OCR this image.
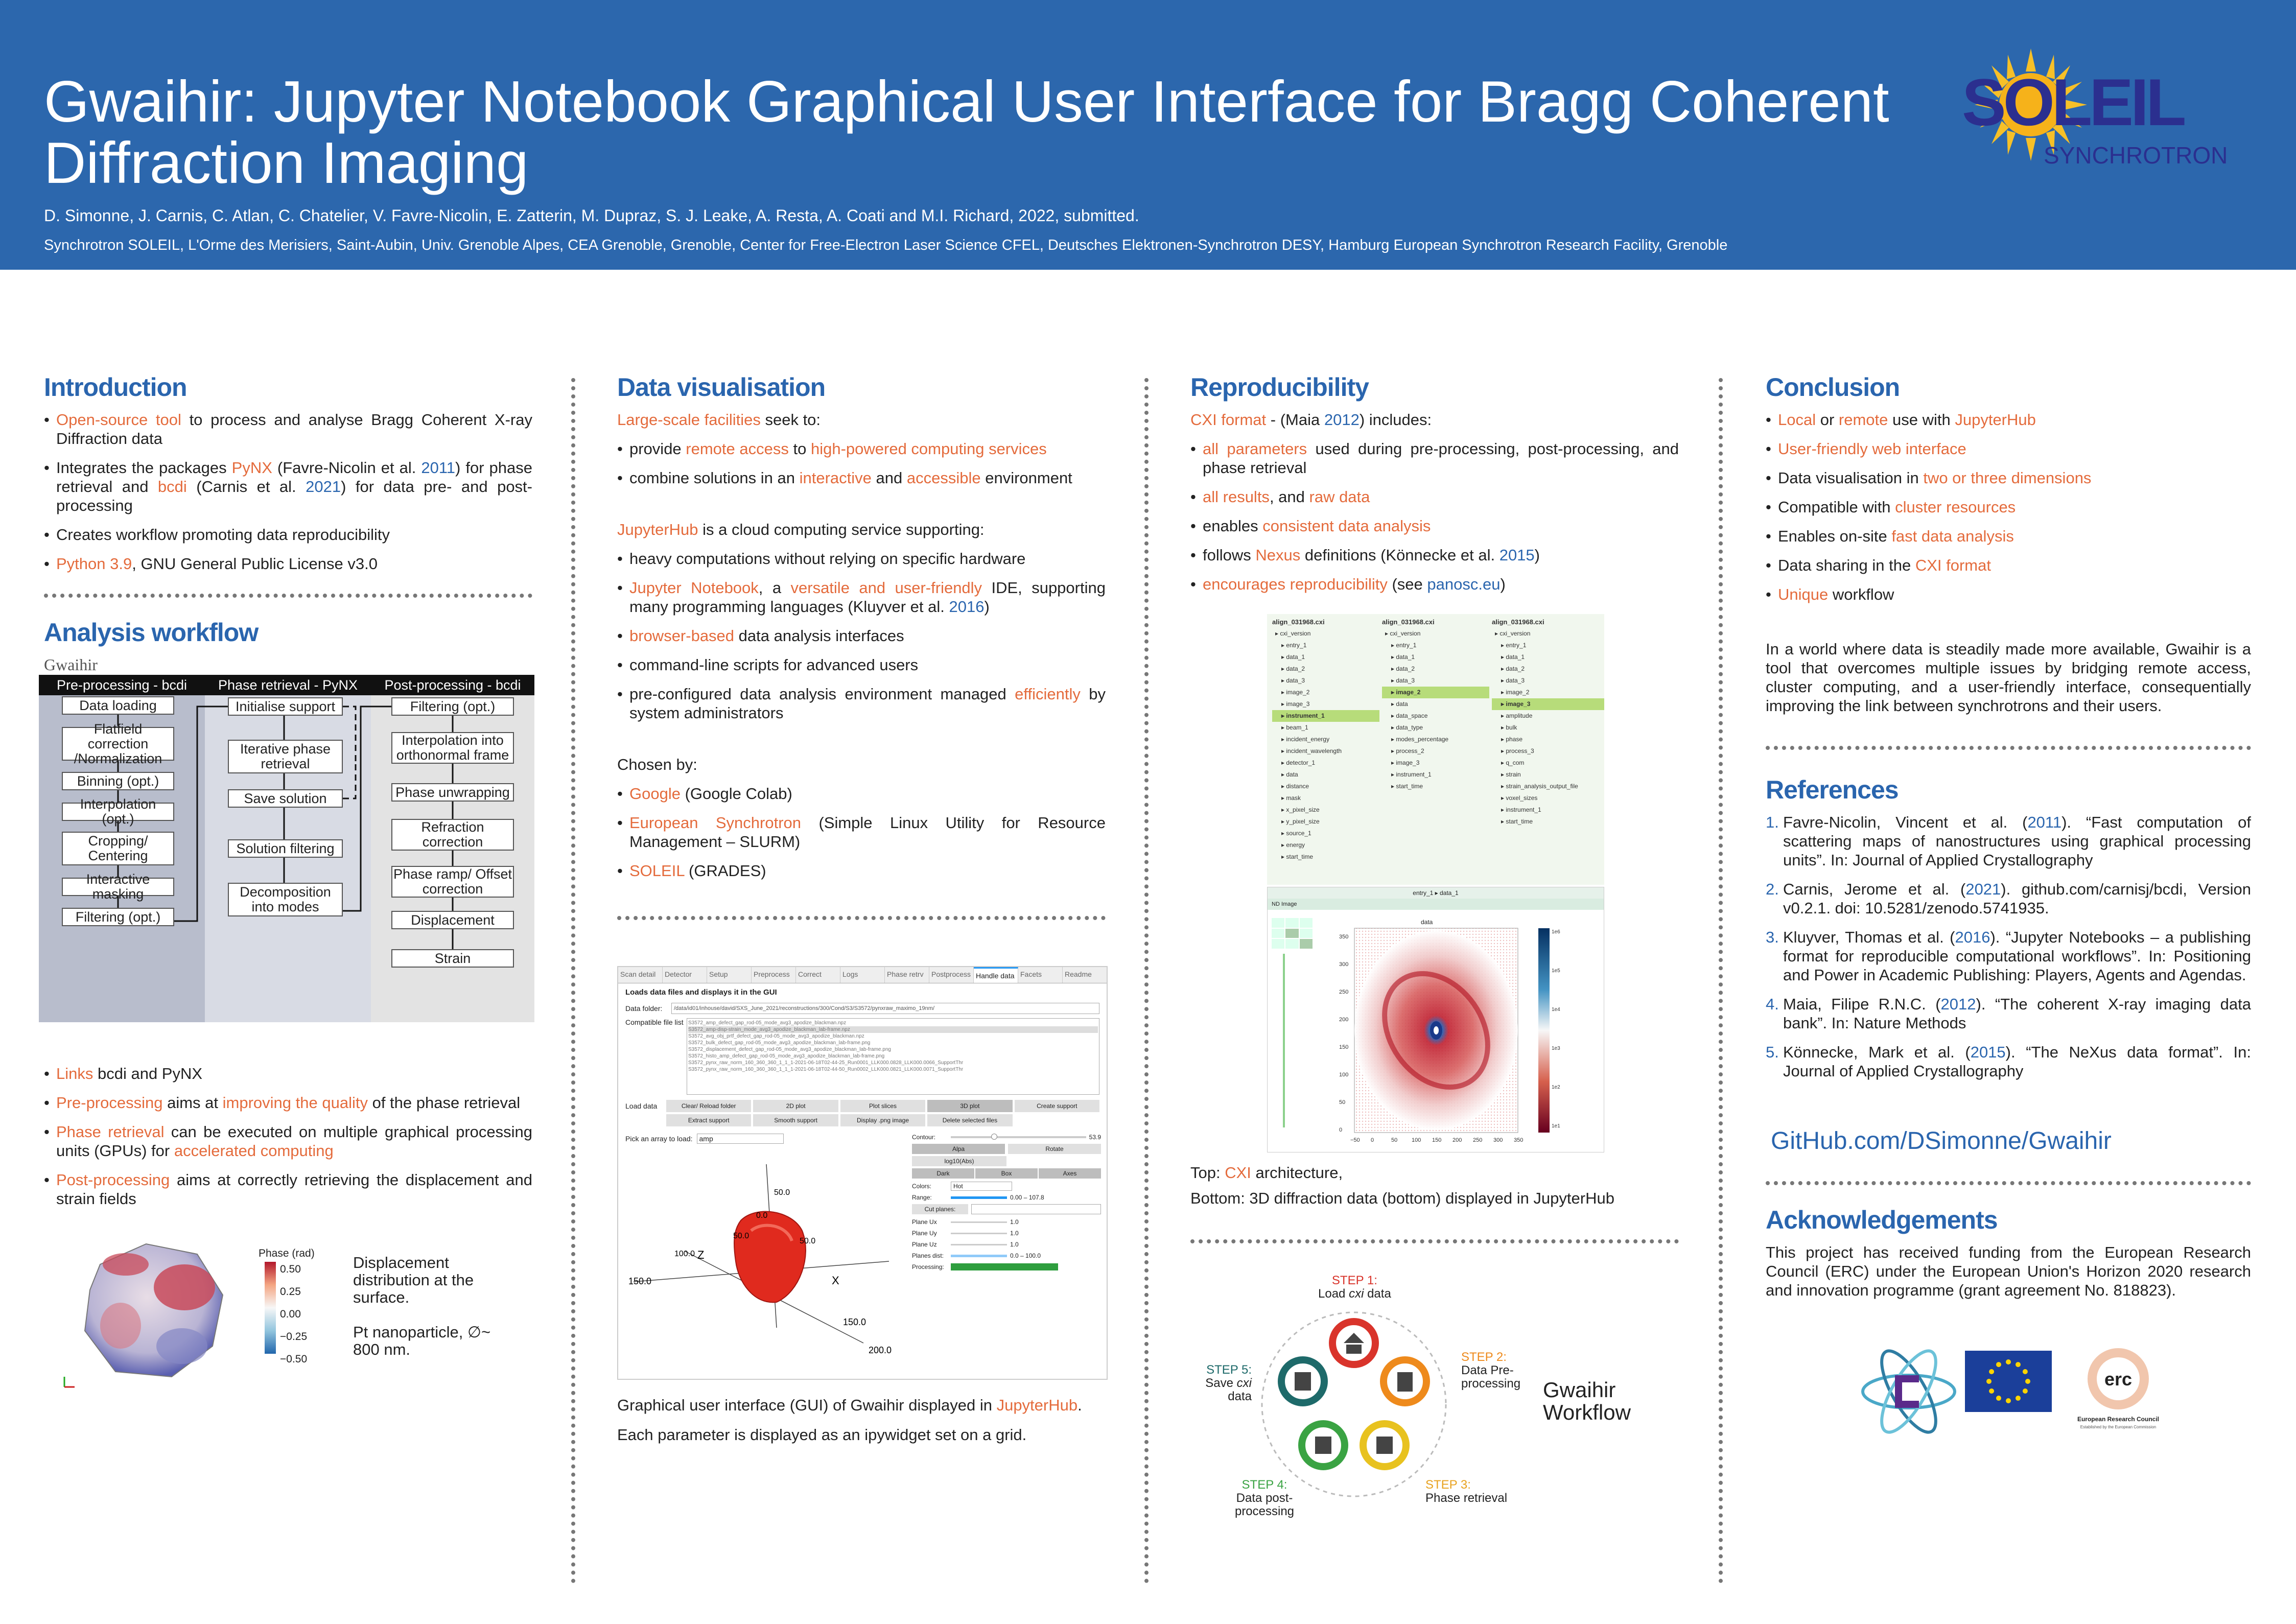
Gwaihir: Jupyter Notebook Graphical User Interface for Bragg Coherent Diffraction Imaging
D. Simonne, J. Carnis, C. Atlan, C. Chatelier, V. Favre-Nicolin, E. Zatterin, M. Dupraz, S. J. Leake, A. Resta, A. Coati and M.I. Richard, 2022, submitted.
Synchrotron SOLEIL, L'Orme des Merisiers, Saint-Aubin, Univ. Grenoble Alpes, CEA Grenoble, Grenoble, Center for Free-Electron Laser Science CFEL, Deutsches Elektronen-Synchrotron DESY, Hamburg European Synchrotron Research Facility, Grenoble
SOLEIL
SYNCHROTRON
Introduction
• Open-source tool to process and analyse Bragg Coherent X-ray Diffraction data
• Integrates the packages PyNX (Favre-Nicolin et al. 2011) for phase retrieval and bcdi (Carnis et al. 2021) for data pre- and post- processing
• Creates workflow promoting data reproducibility
• Python 3.9, GNU General Public License v3.0
Analysis workflow
Gwaihir
Pre-processing - bcdi	Phase retrieval - PyNX	Post-processing - bcdi
Data loading
Flatfield correction /Normalization
Binning (opt.)
Interpolation (opt.)
Cropping/ Centering
Interactive masking
Filtering (opt.)
Initialise support
Iterative phase retrieval
Save solution
Solution filtering
Decomposition into modes
Filtering (opt.)
Interpolation into orthonormal frame
Phase unwrapping
Refraction correction
Phase ramp/ Offset correction
Displacement
Strain
• Links bcdi and PyNX
• Pre-processing aims at improving the quality of the phase retrieval
• Phase retrieval can be executed on multiple graphical processing units (GPUs) for accelerated computing
• Post-processing aims at correctly retrieving the displacement and strain fields
Phase (rad)
0.50
0.25
0.00
−0.25
−0.50
Displacement distribution at the surface.
Pt nanoparticle, ∅~ 800 nm.
Data visualisation

Large-scale facilities seek to:

• provide remote access to high-powered computing services
• combine solutions in an interactive and accessible environment

JupyterHub is a cloud computing service supporting:

• heavy computations without relying on specific hardware
• Jupyter Notebook, a versatile and user-friendly IDE, supporting many programming languages (Kluyver et al. 2016)
• browser-based data analysis interfaces
• command-line scripts for advanced users
• pre-configured data analysis environment managed efficiently by system administrators

Chosen by:

• Google (Google Colab)
• European Synchrotron (Simple Linux Utility for Resource Management – SLURM)
• SOLEIL (GRADES)
Scan detail	Detector	Setup	Preprocess	Correct	Logs	Phase retrv	Postprocess Handle data Facets	Readme
Loads data files and displays it in the GUI
Data folder:	/data/id01/inhouse/david/SXS_June_2021/reconstructions/300/Cond/S3/S3572/pynxraw_maximo_19nm/
Compatible file list S3572_amp_defect_gap_rod-05_mode_avg3_apodize_blackman.npz
S3572_amp-disp-strain_mode_avg3_apodize_blackman_lab-frame.npz
S3572_avg_obj_prtf_defect_gap_rod-05_mode_avg3_apodize_blackman.npz
S3572_bulk_defect_gap_rod-05_mode_avg3_apodize_blackman_lab-frame.png
S3572_displacement_defect_gap_rod-05_mode_avg3_apodize_blackman_lab-frame.png
S3572_histo_amp_defect_gap_rod-05_mode_avg3_apodize_blackman_lab-frame.png
S3572_pynx_raw_norm_160_360_360_1_1_1-2021-06-18T02-44-25_Run0001_LLK000.0828_LLK000.0066_SupportThr
S3572_pynx_raw_norm_160_360_360_1_1_1-2021-06-18T02-44-50_Run0002_LLK000.0821_LLK000.0071_SupportThr
Load data	Clear/ Reload folder	2D plot	Plot slices	3D plot	Create support
Extract support	Smooth support	Display .png image	Delete selected files
Pick an array to load: amp
50.0
0.0
50.0
100.0
150.0
150.0
200.0
50.0
Z
X
Contour:	53.9
Alpa	Rotate
log10(Abs)
Dark	Box	Axes
Colors:	Hot
Range:	0.00 – 107.8
Cut planes:
Plane Ux	1.0
Plane Uy	1.0
Plane Uz	1.0
Planes dist:	0.0 – 100.0
Processing:
Graphical user interface (GUI) of Gwaihir displayed in JupyterHub.
Each parameter is displayed as an ipywidget set on a grid.
Reproducibility

CXI format - (Maia 2012) includes:

• all parameters used during pre-processing, post-processing, and phase retrieval
• all results, and raw data
• enables consistent data analysis
• follows Nexus definitions (Könnecke et al. 2015)
• encourages reproducibility (see panosc.eu)
align_031968.cxi
▸ cxi_version
▸ entry_1
▸ data_1
▸ data_2
▸ data_3
▸ image_2
▸ image_3
▸ instrument_1
▸ beam_1
▸ incident_energy
▸ incident_wavelength
▸ detector_1
▸ data
▸ distance
▸ mask
▸ x_pixel_size
▸ y_pixel_size
▸ source_1
▸ energy
▸ start_time
align_031968.cxi
▸ cxi_version
▸ entry_1
▸ data_1
▸ data_2
▸ data_3
▸ image_2
▸ data
▸ data_space
▸ data_type
▸ modes_percentage
▸ process_2
▸ image_3
▸ instrument_1
▸ start_time
align_031968.cxi
▸ cxi_version
▸ entry_1
▸ data_1
▸ data_2
▸ data_3
▸ image_2
▸ image_3
▸ amplitude
▸ bulk
▸ phase
▸ process_3
▸ q_com
▸ strain
▸ strain_analysis_output_file
▸ voxel_sizes
▸ instrument_1
▸ start_time
entry_1 ▸ data_1
ND Image
data
350
300
250
200
150
100
50
0
−50 0	50	100 150 200 250 300 350
1e6
1e5
1e4
1e3
1e2
1e1
Top: CXI architecture,
Bottom: 3D diffraction data (bottom) displayed in JupyterHub
STEP 1:
Load cxi data
STEP 2:
Data Pre-processing
STEP 3:
Phase retrieval
STEP 4:
Data post-processing
STEP 5:
Save cxi data	Gwaihir Workflow
Conclusion
• Local or remote use with JupyterHub
• User-friendly web interface
• Data visualisation in two or three dimensions
• Compatible with cluster resources
• Enables on-site fast data analysis
• Data sharing in the CXI format
• Unique workflow

In a world where data is steadily made more available, Gwaihir is a tool that overcomes multiple issues by bridging remote access, cluster computing, and a user-friendly interface, consequentially improving the link between synchrotrons and their users.

References
1. Favre-Nicolin, Vincent et al. (2011). “Fast computation of scattering maps of nanostructures using graphical processing units”. In: Journal of Applied Crystallography
2. Carnis, Jerome et al. (2021). github.com/carnisj/bcdi, Version v0.2.1. doi: 10.5281/zenodo.5741935.
3. Kluyver, Thomas et al. (2016). “Jupyter Notebooks – a publishing format for reproducible computational workflows”. In: Positioning and Power in Academic Publishing: Players, Agents and Agendas.
4. Maia, Filipe R.N.C. (2012). “The coherent X-ray imaging data bank”. In: Nature Methods
5. Könnecke, Mark et al. (2015). “The NeXus data format”. In: Journal of Applied Crystallography
GitHub.com/DSimonne/Gwaihir
Acknowledgements

This project has received funding from the European Research Council (ERC) under the European Union's Horizon 2020 research and innovation programme (grant agreement No. 818823).

erc
European Research Council
Established by the European Commission
